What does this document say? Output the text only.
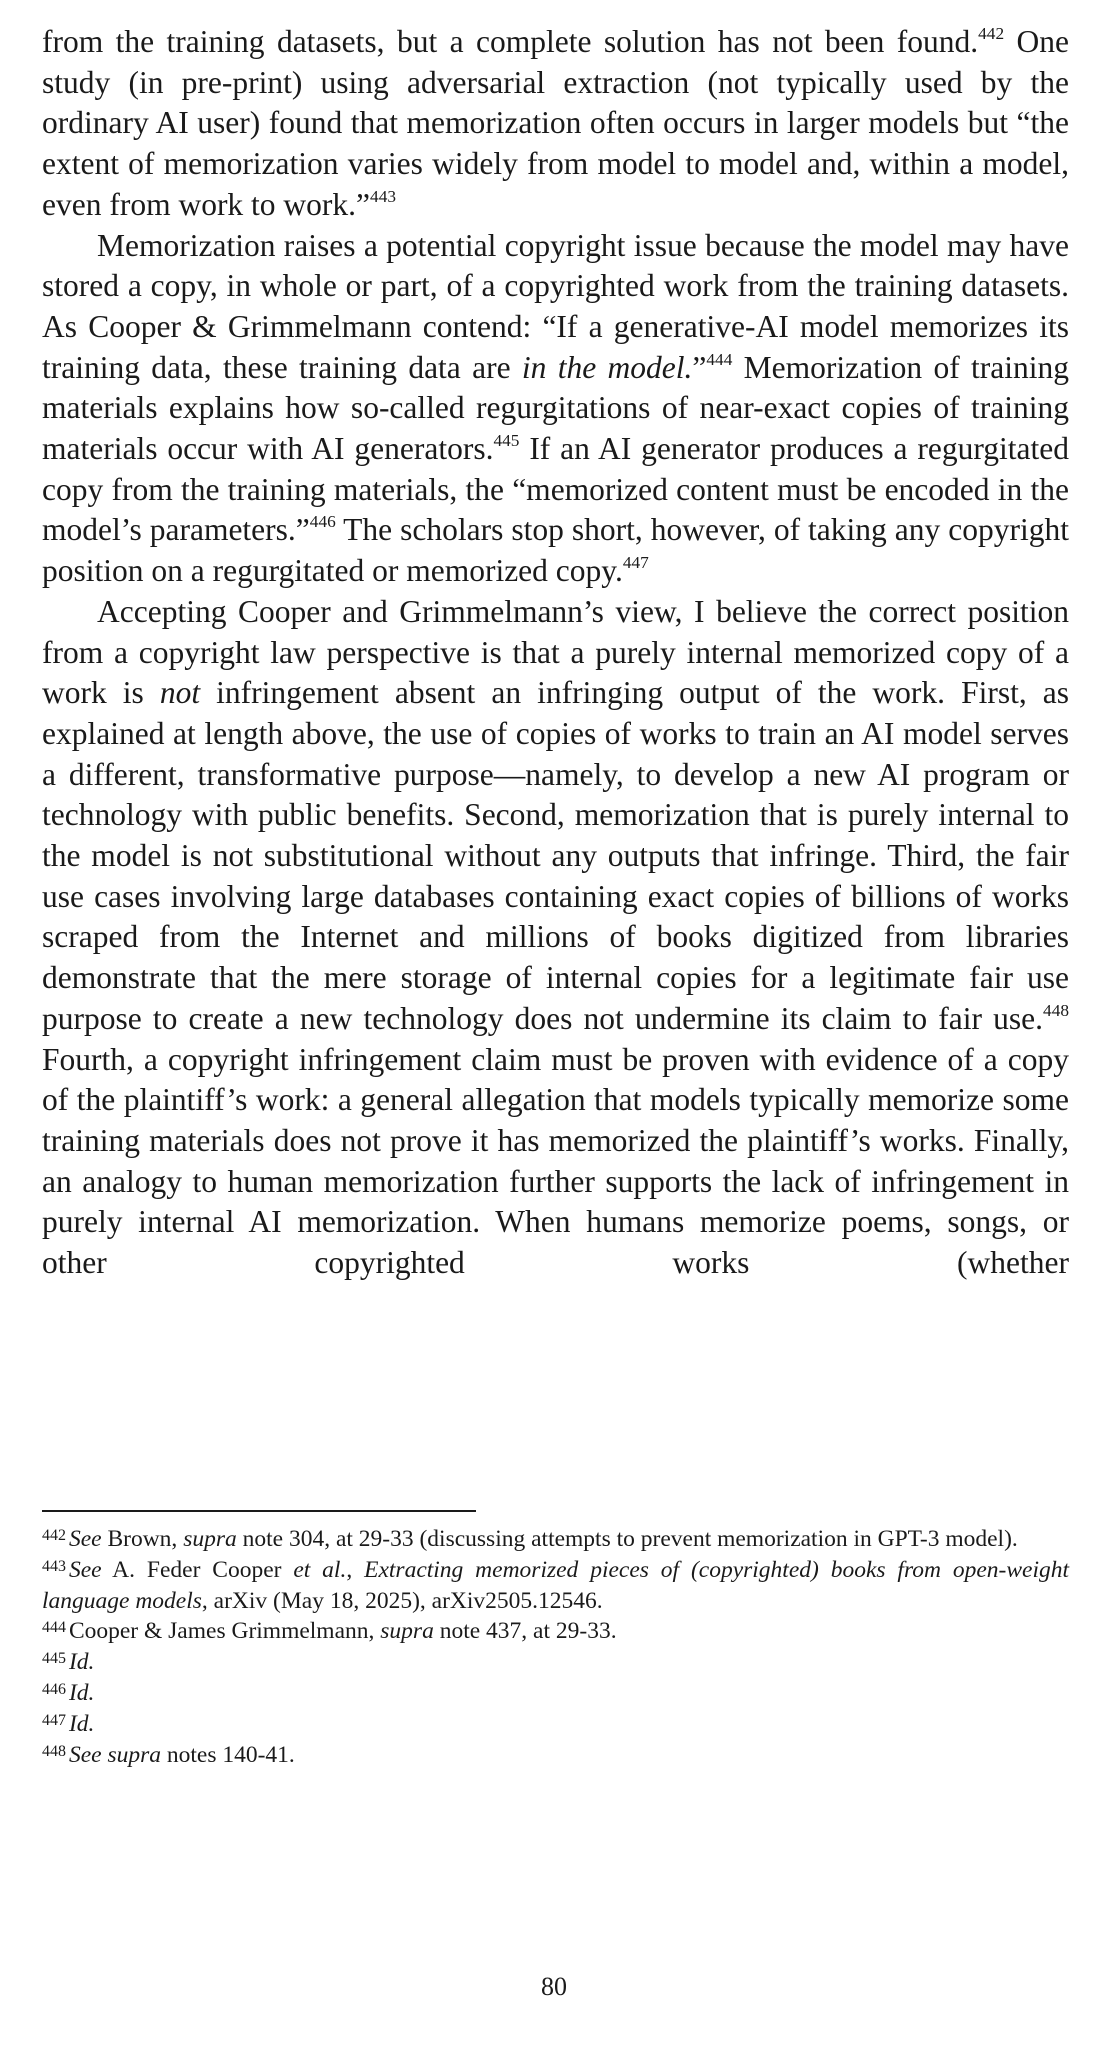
from the training datasets, but a complete solution has not been found.$^{442}$ One study (in pre-print) using adversarial extraction (not typically used by the ordinary AI user) found that memorization often occurs in larger models but “the extent of memorization varies widely from model to model and, within a model, even from work to work.”$^{443}$

Memorization raises a potential copyright issue because the model may have stored a copy, in whole or part, of a copyrighted work from the training datasets. As Cooper & Grimmelmann contend: “If a generative-AI model memorizes its training data, these training data are in the model.”$^{444}$ Memorization of training materials explains how so-called regurgitations of near-exact copies of training materials occur with AI generators.$^{445}$ If an AI generator produces a regurgitated copy from the training materials, the “memorized content must be encoded in the model’s parameters.”$^{446}$ The scholars stop short, however, of taking any copyright position on a regurgitated or memorized copy.$^{447}$

Accepting Cooper and Grimmelmann’s view, I believe the correct position from a copyright law perspective is that a purely internal memorized copy of a work is not infringement absent an infringing output of the work. First, as explained at length above, the use of copies of works to train an AI model serves a different, transformative purpose—namely, to develop a new AI program or technology with public benefits. Second, memorization that is purely internal to the model is not substitutional without any outputs that infringe. Third, the fair use cases involving large databases containing exact copies of billions of works scraped from the Internet and millions of books digitized from libraries demonstrate that the mere storage of internal copies for a legitimate fair use purpose to create a new technology does not undermine its claim to fair use.$^{448}$ Fourth, a copyright infringement claim must be proven with evidence of a copy of the plaintiff’s work: a general allegation that models typically memorize some training materials does not prove it has memorized the plaintiff’s works. Finally, an analogy to human memorization further supports the lack of infringement in purely internal AI memorization. When humans memorize poems, songs, or other copyrighted works (whether

$^{442}$ See Brown, supra note 304, at 29-33 (discussing attempts to prevent memorization in GPT-3 model).

$^{443}$ See A. Feder Cooper et al., Extracting memorized pieces of (copyrighted) books from open-weight language models, arXiv (May 18, 2025), arXiv2505.12546.

$^{444}$ Cooper & James Grimmelmann, supra note 437, at 29-33.

$^{445}$ Id.

$^{446}$ Id.

$^{447}$ Id.

$^{448}$ See supra notes 140-41.

80
